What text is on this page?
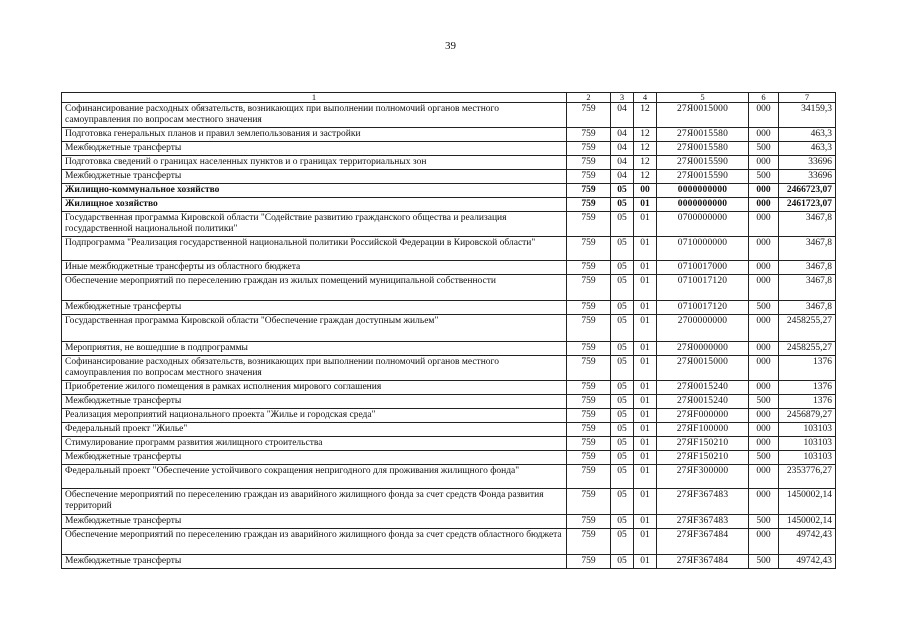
39
1	2	3	4	5	6	7
Софинансирование расходных обязательств, возникающих при выполнении полномочий органов местного самоуправления по вопросам местного значения	759	04	12	27Я0015000	000	34159,3
Подготовка генеральных планов и правил землепользования и застройки	759	04	12	27Я0015580	000	463,3
Межбюджетные трансферты	759	04	12	27Я0015580	500	463,3
Подготовка сведений о границах населенных пунктов и о границах территориальных зон	759	04	12	27Я0015590	000	33696
Межбюджетные трансферты	759	04	12	27Я0015590	500	33696
Жилищно-коммунальное хозяйство	759	05	00	0000000000	000	2466723,07
Жилищное хозяйство	759	05	01	0000000000	000	2461723,07
Государственная программа Кировской области "Содействие развитию гражданского общества и реализация государственной национальной политики"	759	05	01	0700000000	000	3467,8
Подпрограмма "Реализация государственной национальной политики Российской Федерации в Кировской области"	759	05	01	0710000000	000	3467,8
Иные межбюджетные трансферты из областного бюджета	759	05	01	0710017000	000	3467,8
Обеспечение мероприятий по переселению граждан из жилых помещений муниципальной собственности	759	05	01	0710017120	000	3467,8
Межбюджетные трансферты	759	05	01	0710017120	500	3467,8
Государственная программа Кировской области "Обеспечение граждан доступным жильем"	759	05	01	2700000000	000	2458255,27
Мероприятия, не вошедшие в подпрограммы	759	05	01	27Я0000000	000	2458255,27
Софинансирование расходных обязательств, возникающих при выполнении полномочий органов местного самоуправления по вопросам местного значения	759	05	01	27Я0015000	000	1376
Приобретение жилого помещения в рамках исполнения мирового соглашения	759	05	01	27Я0015240	000	1376
Межбюджетные трансферты	759	05	01	27Я0015240	500	1376
Реализация мероприятий национального проекта "Жилье и городская среда"	759	05	01	27ЯF000000	000	2456879,27
Федеральный проект "Жилье"	759	05	01	27ЯF100000	000	103103
Стимулирование программ развития жилищного строительства	759	05	01	27ЯF150210	000	103103
Межбюджетные трансферты	759	05	01	27ЯF150210	500	103103
Федеральный проект "Обеспечение устойчивого сокращения непригодного для проживания жилищного фонда"	759	05	01	27ЯF300000	000	2353776,27
Обеспечение мероприятий по переселению граждан из аварийного жилищного фонда за счет средств Фонда развития территорий	759	05	01	27ЯF367483	000	1450002,14
Межбюджетные трансферты	759	05	01	27ЯF367483	500	1450002,14
Обеспечение мероприятий по переселению граждан из аварийного жилищного фонда за счет средств областного бюджета	759	05	01	27ЯF367484	000	49742,43
Межбюджетные трансферты	759	05	01	27ЯF367484	500	49742,43
